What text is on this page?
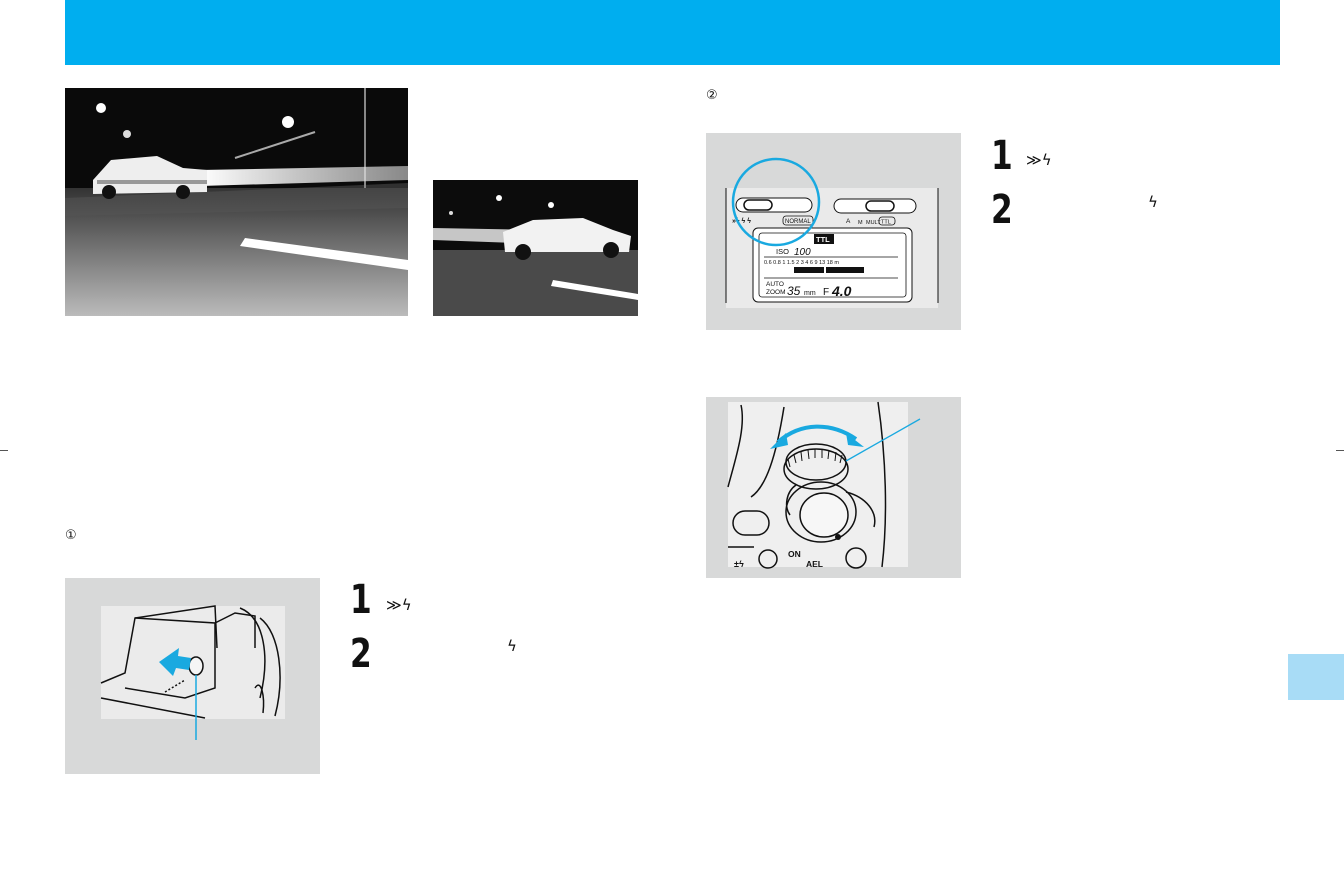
①
1 ≫ϟ
2	ϟ
②
»ϟ ϟ ϟ	NORMAL	A M MULT TTL
TTL
ISO 100
0.6 0.8 1 1.5 2 3 4 6 9 13 18 m
AUTO
ZOOM 35 mm F 4.0
1 ≫ϟ
2	ϟ
ON
AEL
±ϟ
